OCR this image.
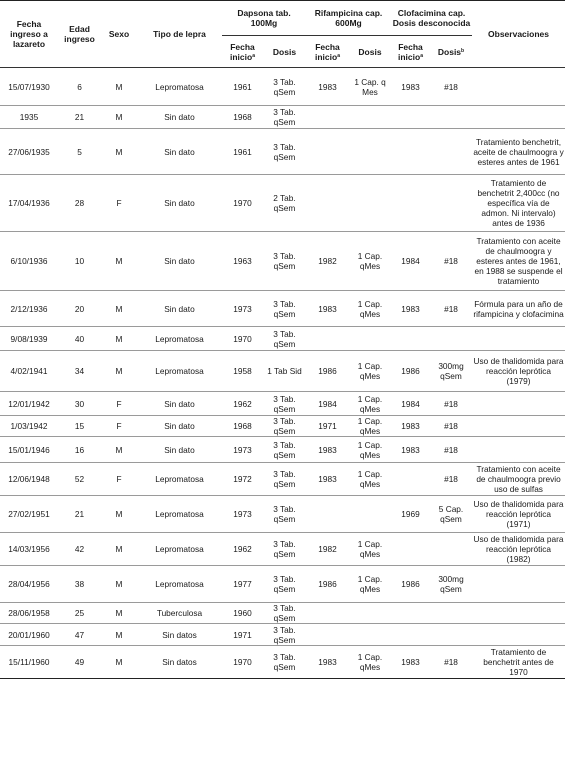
Fecha ingreso a lazareto	Edad ingreso	Sexo	Tipo de lepra	Dapsona tab. 100Mg		Rifampicina cap. 600Mg		Clofacimina cap. Dosis desconocida		Observaciones
				Fecha inicio$^a$	Dosis	Fecha inicio$^a$	Dosis	Fecha inicio$^a$	Dosis$^b$
15/07/1930	6	M	Lepromatosa	1961	3 Tab. qSem	1983	1 Cap. q Mes	1983	#18	
1935	21	M	Sin dato	1968	3 Tab. qSem					
27/06/1935	5	M	Sin dato	1961	3 Tab. qSem					Tratamiento benchetrit, aceite de chaulmoogra y esteres antes de 1961
17/04/1936	28	F	Sin dato	1970	2 Tab. qSem					Tratamiento de benchetrit 2,400cc (no específica vía de admon. Ni intervalo) antes de 1936
6/10/1936	10	M	Sin dato	1963	3 Tab. qSem	1982	1 Cap. qMes	1984	#18	Tratamiento con aceite de chaulmoogra y esteres antes de 1961, en 1988 se suspende el tratamiento
2/12/1936	20	M	Sin dato	1973	3 Tab. qSem	1983	1 Cap. qMes	1983	#18	Fórmula para un año de rifampicina y clofacimina
9/08/1939	40	M	Lepromatosa	1970	3 Tab. qSem					
4/02/1941	34	M	Lepromatosa	1958	1 Tab Sid	1986	1 Cap. qMes	1986	300mg qSem	Uso de thalidomida para reacción leprótica (1979)
12/01/1942	30	F	Sin dato	1962	3 Tab. qSem	1984	1 Cap. qMes	1984	#18	
1/03/1942	15	F	Sin dato	1968	3 Tab. qSem	1971	1 Cap. qMes	1983	#18	
15/01/1946	16	M	Sin dato	1973	3 Tab. qSem	1983	1 Cap. qMes	1983	#18	
12/06/1948	52	F	Lepromatosa	1972	3 Tab. qSem	1983	1 Cap. qMes		#18	Tratamiento con aceite de chaulmoogra previo uso de sulfas
27/02/1951	21	M	Lepromatosa	1973	3 Tab. qSem			1969	5 Cap. qSem	Uso de thalidomida para reacción leprótica (1971)
14/03/1956	42	M	Lepromatosa	1962	3 Tab. qSem	1982	1 Cap. qMes			Uso de thalidomida para reacción leprótica (1982)
28/04/1956	38	M	Lepromatosa	1977	3 Tab. qSem	1986	1 Cap. qMes	1986	300mg qSem	
28/06/1958	25	M	Tuberculosa	1960	3 Tab. qSem					
20/01/1960	47	M	Sin datos	1971	3 Tab. qSem					
15/11/1960	49	M	Sin datos	1970	3 Tab. qSem	1983	1 Cap. qMes	1983	#18	Tratamiento de benchetrit antes de 1970
